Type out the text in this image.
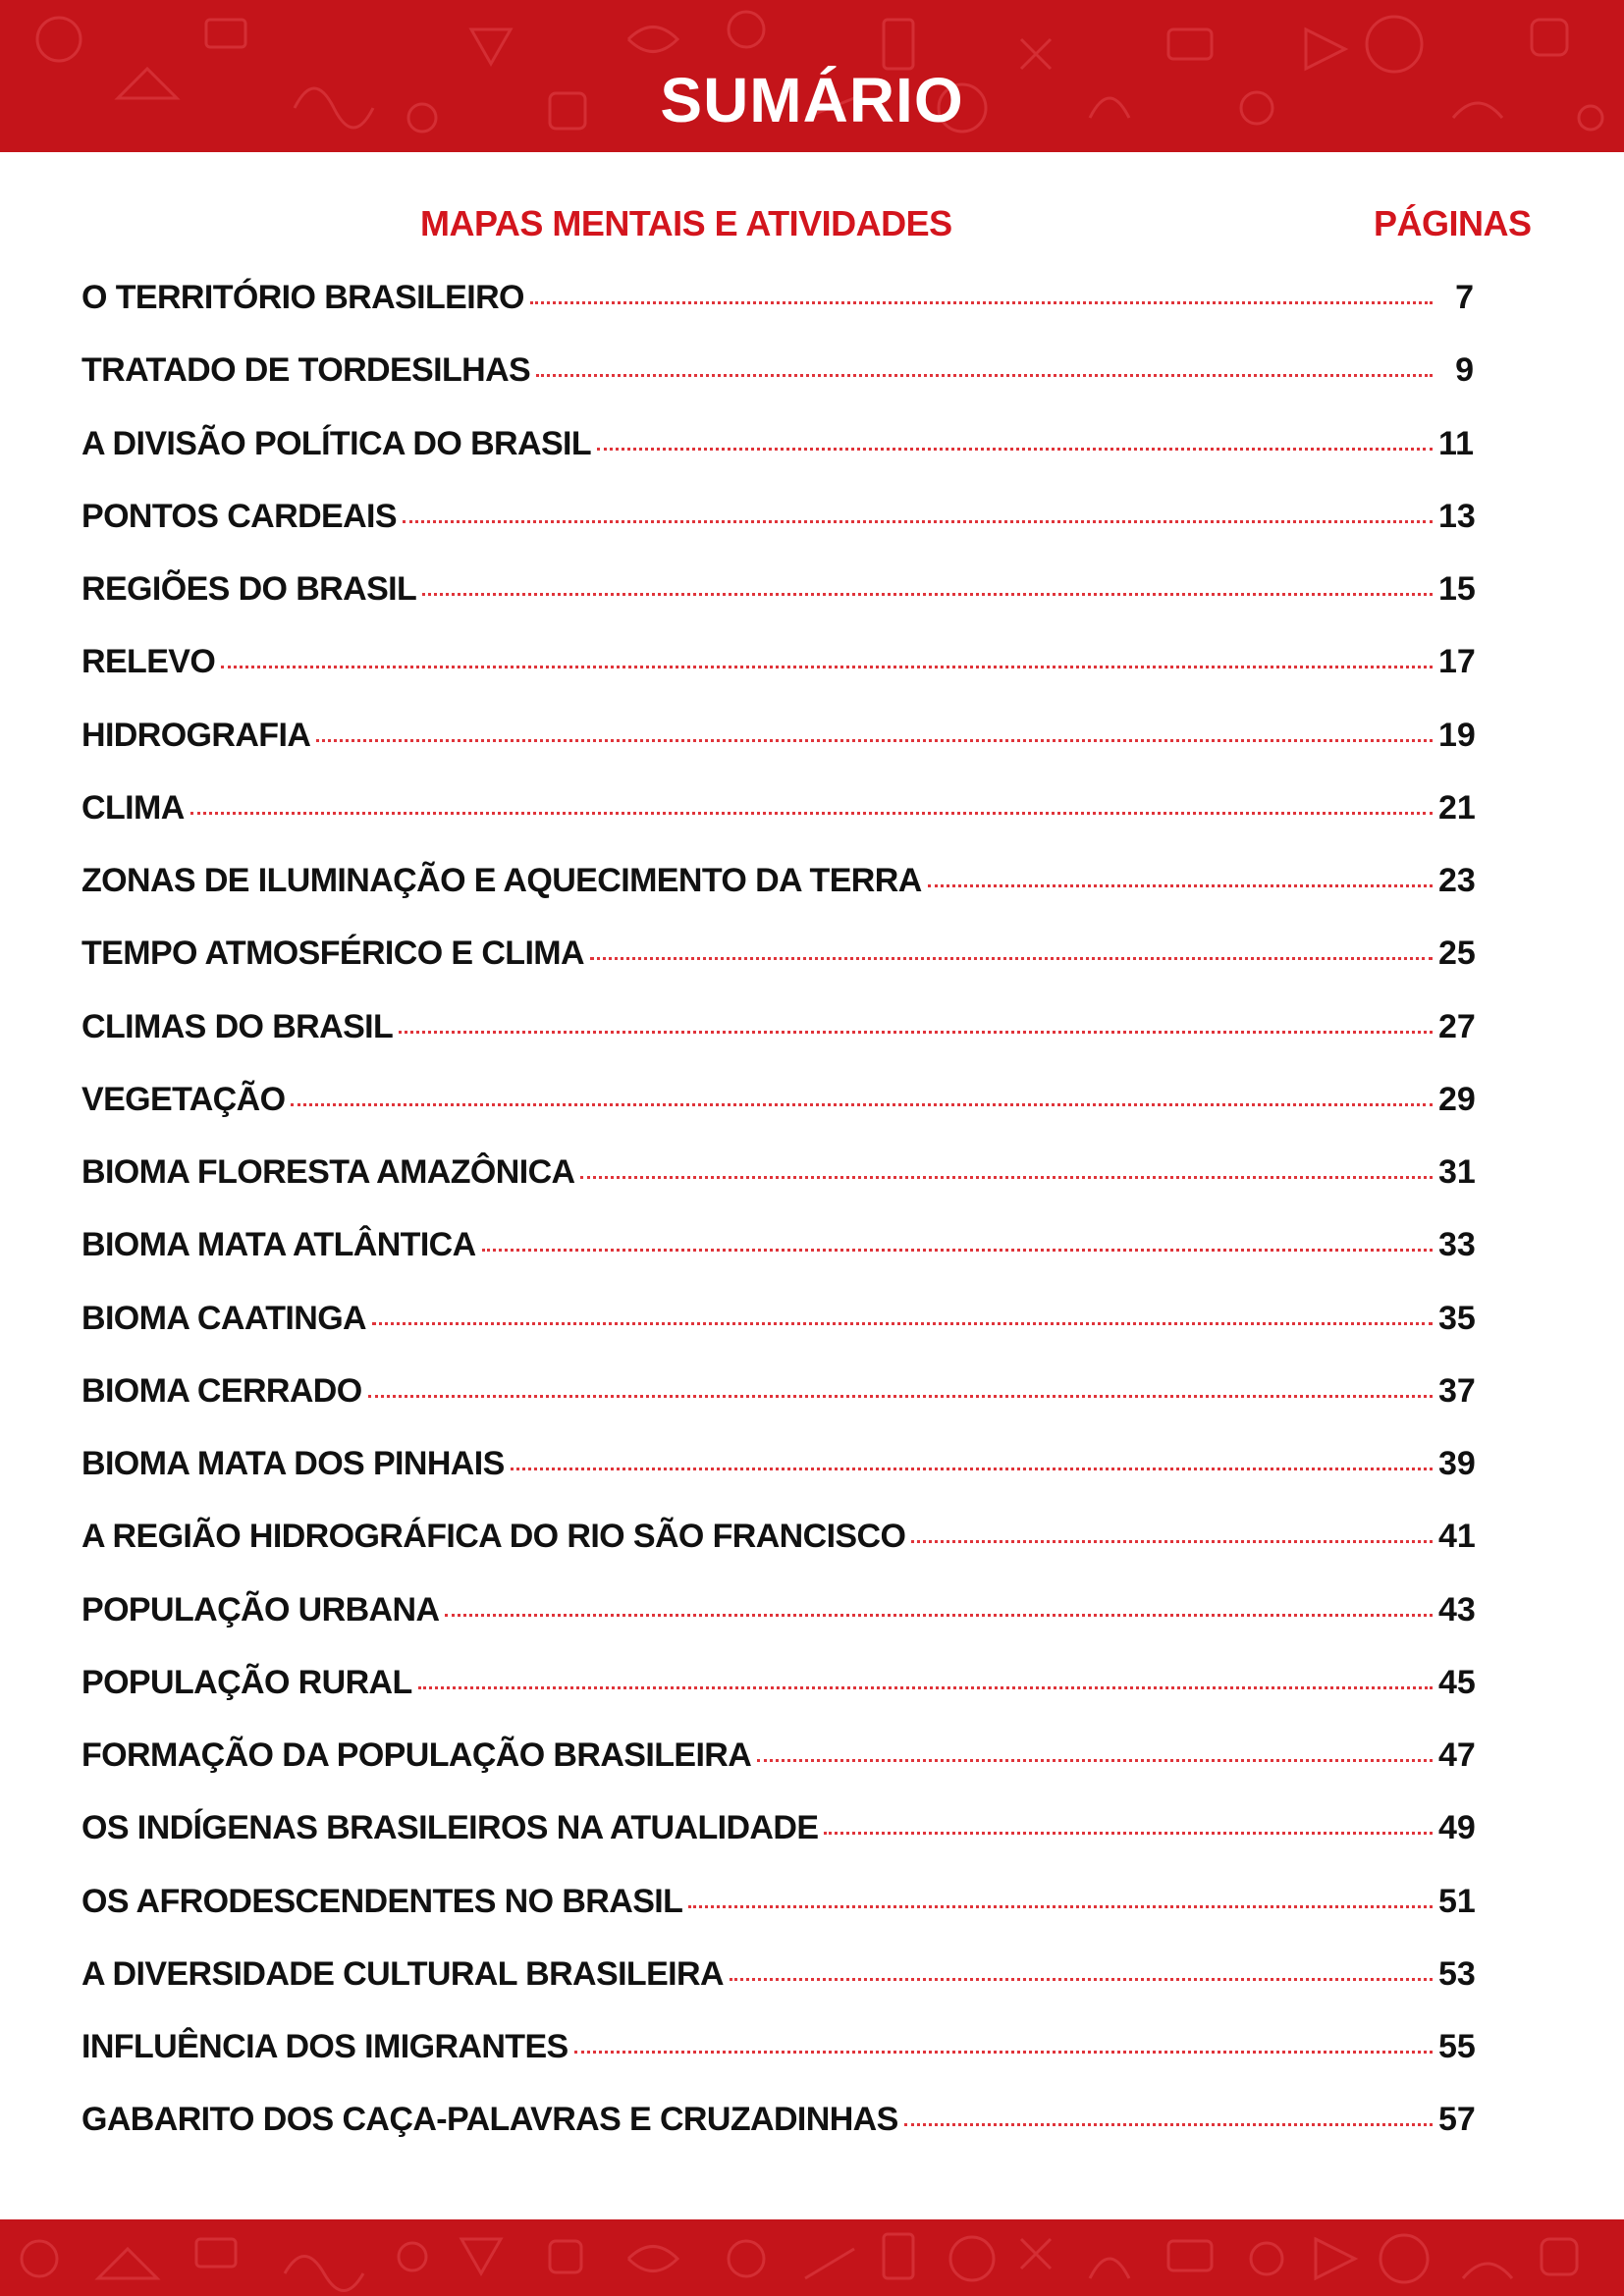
SUMÁRIO
MAPAS MENTAIS E ATIVIDADES	PÁGINAS
O TERRITÓRIO BRASILEIRO	7
TRATADO DE TORDESILHAS	9
A DIVISÃO POLÍTICA DO BRASIL	11
PONTOS CARDEAIS	13
REGIÕES DO BRASIL	15
RELEVO	17
HIDROGRAFIA	19
CLIMA	21
ZONAS DE ILUMINAÇÃO E AQUECIMENTO DA TERRA	23
TEMPO ATMOSFÉRICO E CLIMA	25
CLIMAS DO BRASIL	27
VEGETAÇÃO	29
BIOMA FLORESTA AMAZÔNICA	31
BIOMA MATA ATLÂNTICA	33
BIOMA CAATINGA	35
BIOMA CERRADO	37
BIOMA MATA DOS PINHAIS	39
A REGIÃO HIDROGRÁFICA DO RIO SÃO FRANCISCO	41
POPULAÇÃO URBANA	43
POPULAÇÃO RURAL	45
FORMAÇÃO DA POPULAÇÃO BRASILEIRA	47
OS INDÍGENAS BRASILEIROS NA ATUALIDADE	49
OS AFRODESCENDENTES NO BRASIL	51
A DIVERSIDADE CULTURAL BRASILEIRA	53
INFLUÊNCIA DOS IMIGRANTES	55
GABARITO DOS CAÇA-PALAVRAS E CRUZADINHAS	57
